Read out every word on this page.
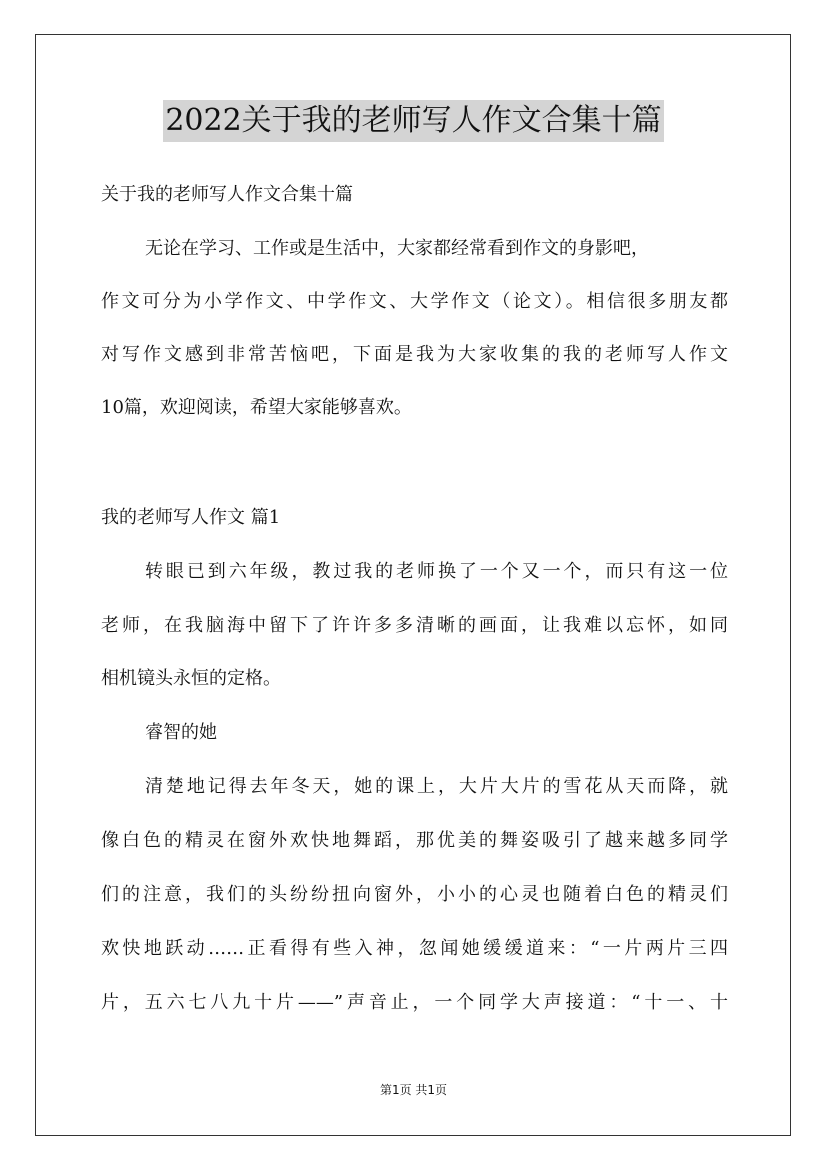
2022关于我的老师写人作文合集十篇

关于我的老师写人作文合集十篇

无论在学习、工作或是生活中，大家都经常看到作文的身影吧，

作文可分为小学作文、中学作文、大学作文（论文）。相信很多朋友都

对写作文感到非常苦恼吧，下面是我为大家收集的我的老师写人作文

10篇，欢迎阅读，希望大家能够喜欢。

我的老师写人作文 篇1

转眼已到六年级，教过我的老师换了一个又一个，而只有这一位

老师，在我脑海中留下了许许多多清晰的画面，让我难以忘怀，如同

相机镜头永恒的定格。

睿智的她

清楚地记得去年冬天，她的课上，大片大片的雪花从天而降，就

像白色的精灵在窗外欢快地舞蹈，那优美的舞姿吸引了越来越多同学

们的注意，我们的头纷纷扭向窗外，小小的心灵也随着白色的精灵们

欢快地跃动……正看得有些入神，忽闻她缓缓道来：“一片两片三四

片，五六七八九十片——”声音止，一个同学大声接道：“十一、十

第1页 共1页
